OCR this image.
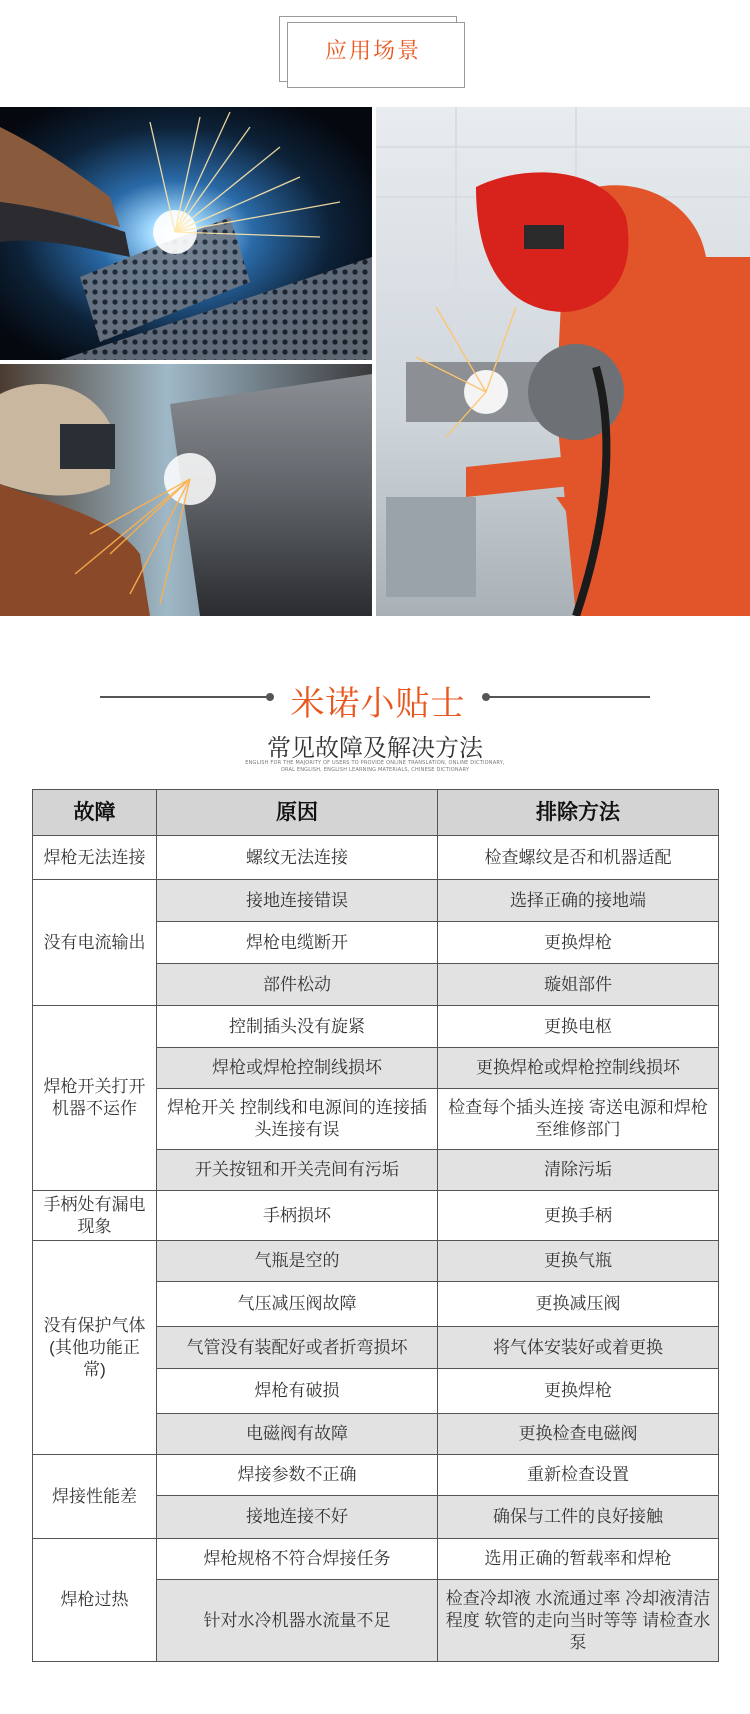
应用场景
米诺小贴士
常见故障及解决方法
ENGLISH FOR THE MAJORITY OF USERS TO PROVIDE ONLINE TRANSLATION, ONLINE DICTIONARY,
ORAL ENGLISH, ENGLISH LEARNING MATERIALS, CHINESE DICTIONARY
故障	原因	排除方法
焊枪无法连接	螺纹无法连接	检查螺纹是否和机器适配
没有电流输出	接地连接错误	选择正确的接地端
	焊枪电缆断开	更换焊枪
	部件松动	璇姐部件
焊枪开关打开机器不运作	控制插头没有旋紧	更换电枢
	焊枪或焊枪控制线损坏	更换焊枪或焊枪控制线损坏
	焊枪开关 控制线和电源间的连接插头连接有误	检查每个插头连接 寄送电源和焊枪至维修部门
	开关按钮和开关壳间有污垢	清除污垢
手柄处有漏电现象	手柄损坏	更换手柄
没有保护气体(其他功能正常)	气瓶是空的	更换气瓶
	气压减压阀故障	更换减压阀
	气管没有装配好或者折弯损坏	将气体安装好或着更换
	焊枪有破损	更换焊枪
	电磁阀有故障	更换检查电磁阀
焊接性能差	焊接参数不正确	重新检查设置
	接地连接不好	确保与工件的良好接触
焊枪过热	焊枪规格不符合焊接任务	选用正确的暂载率和焊枪
	针对水冷机器水流量不足	检查冷却液 水流通过率 冷却液清洁程度 软管的走向当时等等 请检查水泵
